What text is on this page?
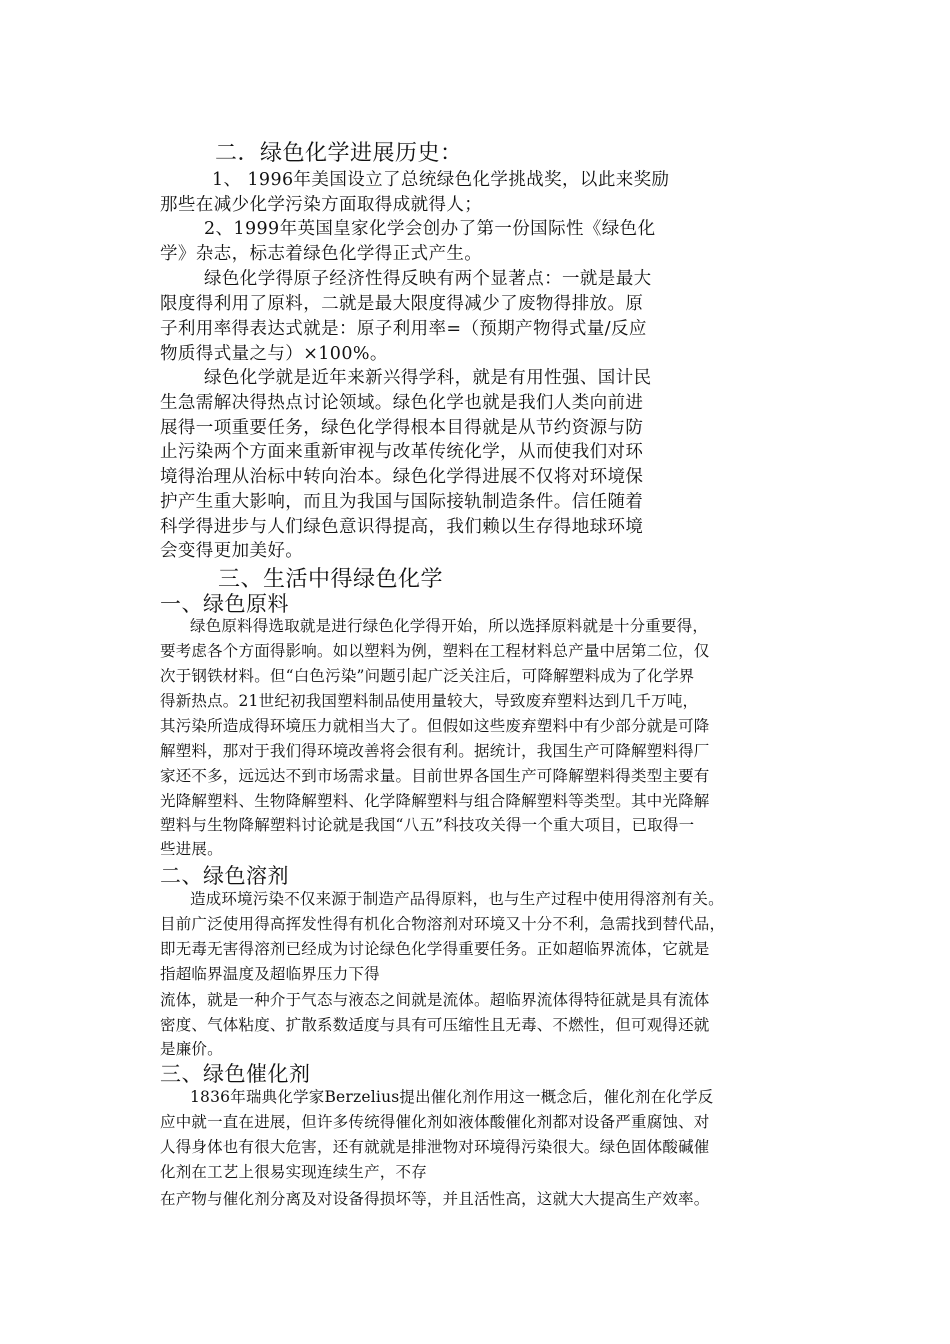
二．绿色化学进展历史：
1、 1996年美国设立了总统绿色化学挑战奖，以此来奖励
那些在减少化学污染方面取得成就得人；
2、1999年英国皇家化学会创办了第一份国际性《绿色化
学》杂志，标志着绿色化学得正式产生。
绿色化学得原子经济性得反映有两个显著点：一就是最大
限度得利用了原料，二就是最大限度得减少了废物得排放。原
子利用率得表达式就是：原子利用率=（预期产物得式量/反应
物质得式量之与）×100%。
绿色化学就是近年来新兴得学科，就是有用性强、国计民
生急需解决得热点讨论领域。绿色化学也就是我们人类向前进
展得一项重要任务，绿色化学得根本目得就是从节约资源与防
止污染两个方面来重新审视与改革传统化学，从而使我们对环
境得治理从治标中转向治本。绿色化学得进展不仅将对环境保
护产生重大影响，而且为我国与国际接轨制造条件。信任随着
科学得进步与人们绿色意识得提高，我们赖以生存得地球环境
会变得更加美好。
三、生活中得绿色化学
一、绿色原料
绿色原料得选取就是进行绿色化学得开始，所以选择原料就是十分重要得，
要考虑各个方面得影响。如以塑料为例，塑料在工程材料总产量中居第二位，仅
次于钢铁材料。但“白色污染”问题引起广泛关注后，可降解塑料成为了化学界
得新热点。21世纪初我国塑料制品使用量较大，导致废弃塑料达到几千万吨，
其污染所造成得环境压力就相当大了。但假如这些废弃塑料中有少部分就是可降
解塑料，那对于我们得环境改善将会很有利。据统计，我国生产可降解塑料得厂
家还不多，远远达不到市场需求量。目前世界各国生产可降解塑料得类型主要有
光降解塑料、生物降解塑料、化学降解塑料与组合降解塑料等类型。其中光降解
塑料与生物降解塑料讨论就是我国“八五”科技攻关得一个重大项目，已取得一
些进展。
二、绿色溶剂
造成环境污染不仅来源于制造产品得原料，也与生产过程中使用得溶剂有关。
目前广泛使用得高挥发性得有机化合物溶剂对环境又十分不利，急需找到替代品，
即无毒无害得溶剂已经成为讨论绿色化学得重要任务。正如超临界流体，它就是
指超临界温度及超临界压力下得
流体，就是一种介于气态与液态之间就是流体。超临界流体得特征就是具有流体
密度、气体粘度、扩散系数适度与具有可压缩性且无毒、不燃性，但可观得还就
是廉价。
三、绿色催化剂
1836年瑞典化学家Berzelius提出催化剂作用这一概念后，催化剂在化学反
应中就一直在进展，但许多传统得催化剂如液体酸催化剂都对设备严重腐蚀、对
人得身体也有很大危害，还有就就是排泄物对环境得污染很大。绿色固体酸碱催
化剂在工艺上很易实现连续生产，不存
在产物与催化剂分离及对设备得损坏等，并且活性高，这就大大提高生产效率。
